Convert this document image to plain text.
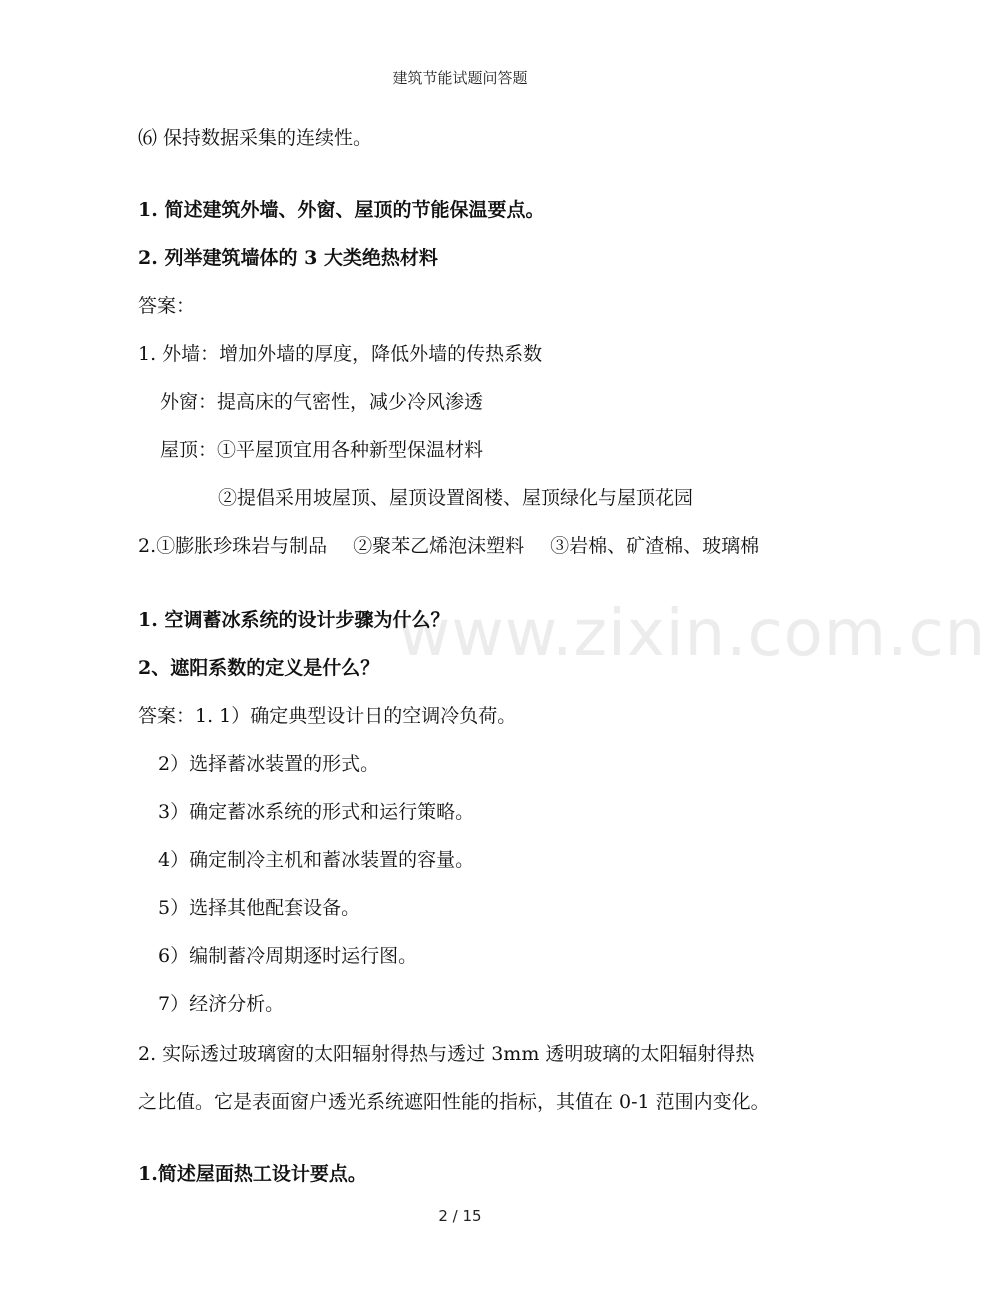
建筑节能试题问答题
www.zixin.com.cn
⑹ 保持数据采集的连续性。
1. 简述建筑外墙、外窗、屋顶的节能保温要点。
2. 列举建筑墙体的 3 大类绝热材料
答案：
1. 外墙：增加外墙的厚度，降低外墙的传热系数
外窗：提高床的气密性，减少冷风渗透
屋顶：①平屋顶宜用各种新型保温材料
②提倡采用坡屋顶、屋顶设置阁楼、屋顶绿化与屋顶花园
2.①膨胀珍珠岩与制品 ②聚苯乙烯泡沫塑料 ③岩棉、矿渣棉、玻璃棉
1. 空调蓄冰系统的设计步骤为什么？
2、遮阳系数的定义是什么？
答案：1. 1）确定典型设计日的空调冷负荷。
2）选择蓄冰装置的形式。
3）确定蓄冰系统的形式和运行策略。
4）确定制冷主机和蓄冰装置的容量。
5）选择其他配套设备。
6）编制蓄冷周期逐时运行图。
7）经济分析。
2. 实际透过玻璃窗的太阳辐射得热与透过 3mm 透明玻璃的太阳辐射得热
之比值。它是表面窗户透光系统遮阳性能的指标，其值在 0-1 范围内变化。
1.简述屋面热工设计要点。
2 / 15
